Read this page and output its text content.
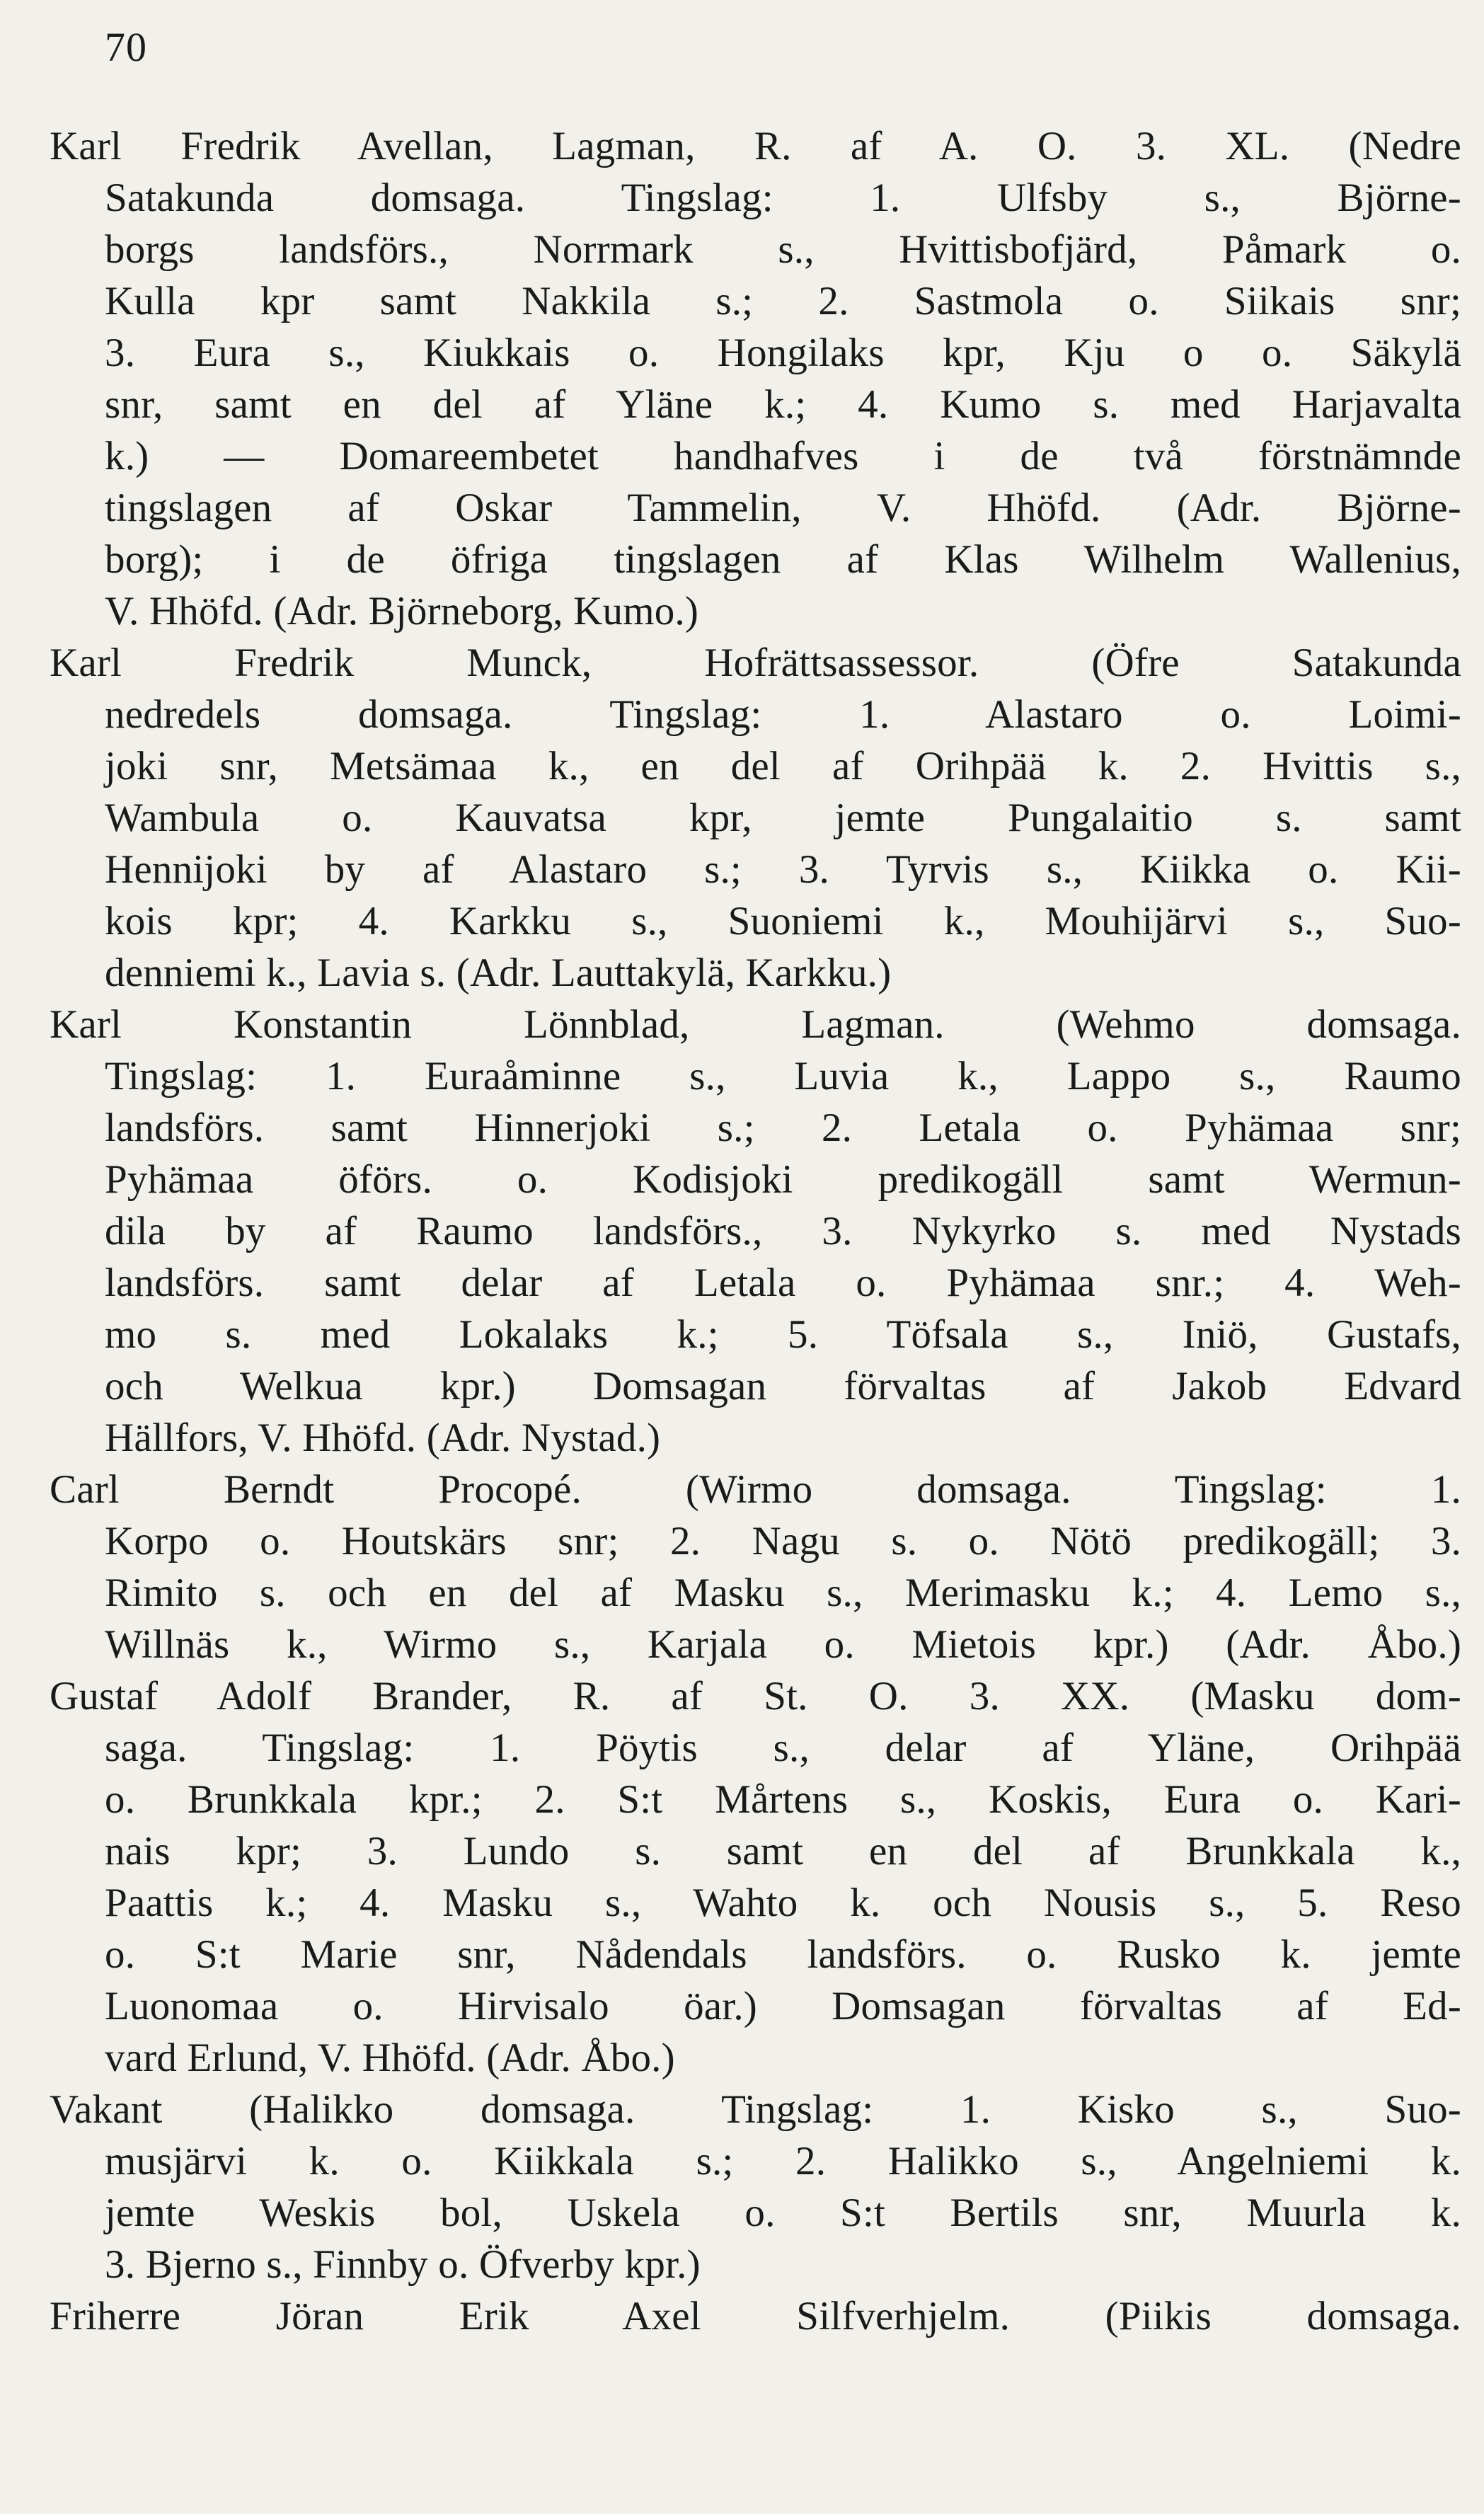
70
Karl Fredrik Avellan, Lagman, R. af A. O. 3. XL. (Nedre
Satakunda domsaga. Tingslag: 1. Ulfsby s., Björne-
borgs landsförs., Norrmark s., Hvittisbofjärd, Påmark o.
Kulla kpr samt Nakkila s.; 2. Sastmola o. Siikais snr;
3. Eura s., Kiukkais o. Hongilaks kpr, Kju o o. Säkylä
snr, samt en del af Yläne k.; 4. Kumo s. med Harjavalta
k.) — Domareembetet handhafves i de två förstnämnde
tingslagen af Oskar Tammelin, V. Hhöfd. (Adr. Björne-
borg); i de öfriga tingslagen af Klas Wilhelm Wallenius,
V. Hhöfd. (Adr. Björneborg, Kumo.)
Karl Fredrik Munck, Hofrättsassessor. (Öfre Satakunda
nedredels domsaga. Tingslag: 1. Alastaro o. Loimi-
joki snr, Metsämaa k., en del af Orihpää k. 2. Hvittis s.,
Wambula o. Kauvatsa kpr, jemte Pungalaitio s. samt
Hennijoki by af Alastaro s.; 3. Tyrvis s., Kiikka o. Kii-
kois kpr; 4. Karkku s., Suoniemi k., Mouhijärvi s., Suo-
denniemi k., Lavia s. (Adr. Lauttakylä, Karkku.)
Karl Konstantin Lönnblad, Lagman. (Wehmo domsaga.
Tingslag: 1. Euraåminne s., Luvia k., Lappo s., Raumo
landsförs. samt Hinnerjoki s.; 2. Letala o. Pyhämaa snr;
Pyhämaa öförs. o. Kodisjoki predikogäll samt Wermun-
dila by af Raumo landsförs., 3. Nykyrko s. med Nystads
landsförs. samt delar af Letala o. Pyhämaa snr.; 4. Weh-
mo s. med Lokalaks k.; 5. Töfsala s., Iniö, Gustafs,
och Welkua kpr.) Domsagan förvaltas af Jakob Edvard
Hällfors, V. Hhöfd. (Adr. Nystad.)
Carl Berndt Procopé. (Wirmo domsaga. Tingslag: 1.
Korpo o. Houtskärs snr; 2. Nagu s. o. Nötö predikogäll; 3.
Rimito s. och en del af Masku s., Merimasku k.; 4. Lemo s.,
Willnäs k., Wirmo s., Karjala o. Mietois kpr.) (Adr. Åbo.)
Gustaf Adolf Brander, R. af St. O. 3. XX. (Masku dom-
saga. Tingslag: 1. Pöytis s., delar af Yläne, Orihpää
o. Brunkkala kpr.; 2. S:t Mårtens s., Koskis, Eura o. Kari-
nais kpr; 3. Lundo s. samt en del af Brunkkala k.,
Paattis k.; 4. Masku s., Wahto k. och Nousis s., 5. Reso
o. S:t Marie snr, Nådendals landsförs. o. Rusko k. jemte
Luonomaa o. Hirvisalo öar.) Domsagan förvaltas af Ed-
vard Erlund, V. Hhöfd. (Adr. Åbo.)
Vakant (Halikko domsaga. Tingslag: 1. Kisko s., Suo-
musjärvi k. o. Kiikkala s.; 2. Halikko s., Angelniemi k.
jemte Weskis bol, Uskela o. S:t Bertils snr, Muurla k.
3. Bjerno s., Finnby o. Öfverby kpr.)
Friherre Jöran Erik Axel Silfverhjelm. (Piikis domsaga.
